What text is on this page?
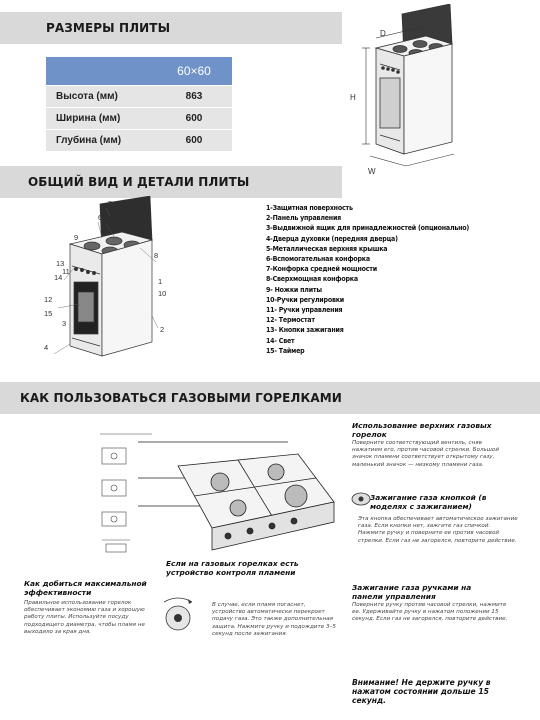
РАЗМЕРЫ ПЛИТЫ
ОБЩИЙ ВИД И ДЕТАЛИ ПЛИТЫ
КАК ПОЛЬЗОВАТЬСЯ ГАЗОВЫМИ ГОРЕЛКАМИ
	60×60
Высота (мм)	863
Ширина (мм)	600
Глубина (мм)	600
D
H
W
5
6 7
8
9
13
11
14	1
10
12
15
3
4
2
1-Защитная поверхность
2-Панель управления
3-Выдвижной ящик для принадлежностей (опционально)
4-Дверца духовки (передняя дверца)
5-Металлическая верхняя крышка
6-Вспомогательная конфорка
7-Конфорка средней мощности
8-Сверхмощная конфорка
9- Ножки плиты
10-Ручки регулировки
11- Ручки управления
12- Термостат
13- Кнопки зажигания
14- Свет
15- Таймер
Использование верхних газовых горелок
Поверните соответствующий вентиль, сняв нажатием его, против часовой стрелки. Большой значок пламени соответствует открытому газу, маленький значок — низкому пламени газа.
Зажигание газа кнопкой (в моделях с зажиганием)
Эта кнопка обеспечивает автоматическое зажигание газа. Если кнопки нет, зажгите газ спичкой. Нажмите ручку и поверните ее против часовой стрелки. Если газ не загорелся, повторите действие.
Зажигание газа ручками на панели управления
Поверните ручку против часовой стрелки, нажмите ее. Удерживайте ручку в нажатом положении 15 секунд. Если газ не загорелся, повторите действие.
Внимание! Не держите ручку в нажатом состоянии дольше 15 секунд.
Как добиться максимальной эффективности
Правильное использование горелок обеспечивает экономию газа и хорошую работу плиты. Используйте посуду подходящего диаметра, чтобы пламя не выходило за края дна.
Если на газовых горелках есть устройство контроля пламени
В случае, если пламя погаснет, устройство автоматически перекроет подачу газа. Это также дополнительная защита. Нажмите ручку и подождите 3–5 секунд после зажигания.
